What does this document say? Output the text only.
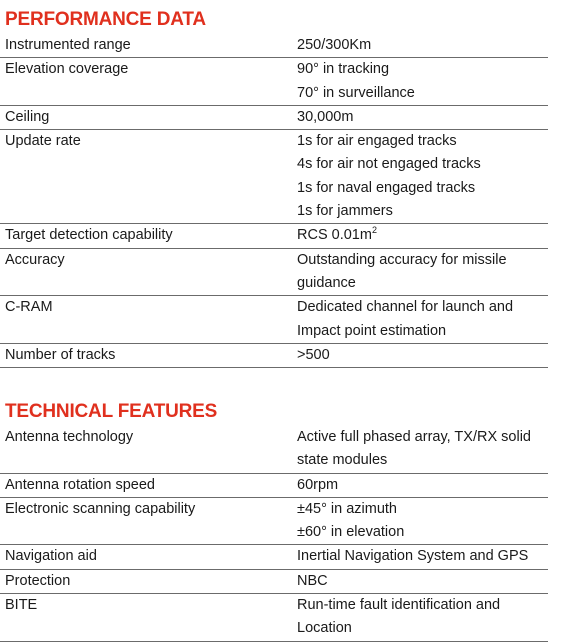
PERFORMANCE DATA
Instrumented range	250/300Km

Elevation coverage	90° in tracking
70° in surveillance

Ceiling	30,000m

Update rate	1s for air engaged tracks
4s for air not engaged tracks
1s for naval engaged tracks
1s for jammers

Target detection capability	RCS $0.01m^2$

Accuracy	Outstanding accuracy for missile
guidance

C-RAM	Dedicated channel for launch and
Impact point estimation

Number of tracks	>500
TECHNICAL FEATURES
Antenna technology	Active full phased array, TX/RX solid
state modules

Antenna rotation speed	60rpm

Electronic scanning capability	±45° in azimuth
±60° in elevation

Navigation aid	Inertial Navigation System and GPS

Protection	NBC

BITE	Run-time fault identification and
Location
